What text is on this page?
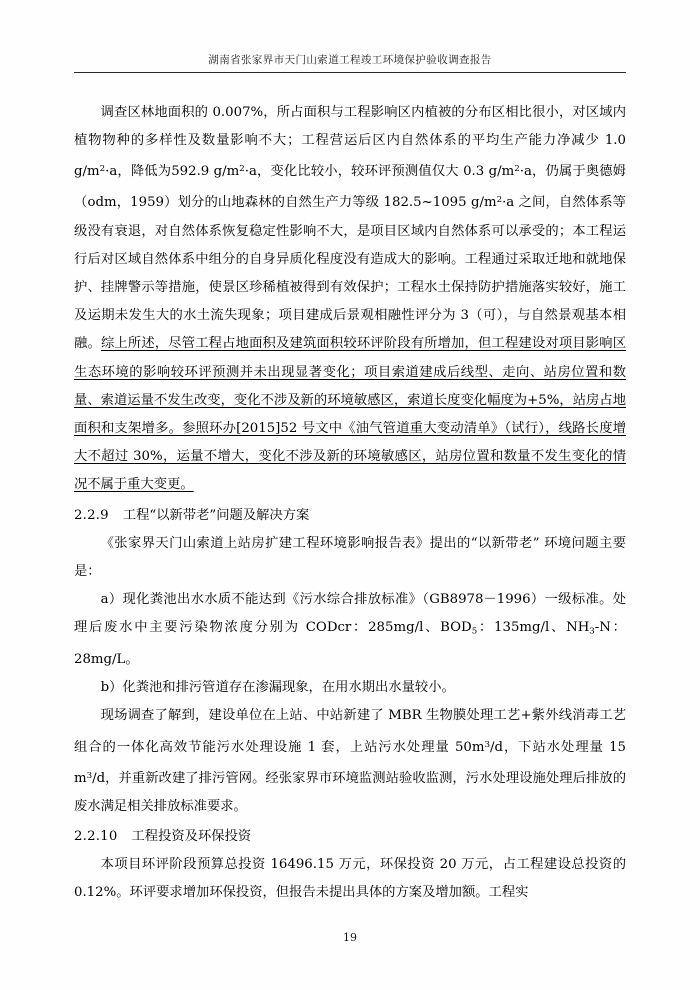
湖南省张家界市天门山索道工程竣工环境保护验收调查报告

调查区林地面积的 0.007%，所占面积与工程影响区内植被的分布区相比很小，对区域内植物物种的多样性及数量影响不大；工程营运后区内自然体系的平均生产能力净减少 1.0 $g/m^2\cdot a$，降低为592.9 $g/m^2\cdot a$，变化比较小，较环评预测值仅大 0.3 $g/m^2\cdot a$，仍属于奥德姆（odm，1959）划分的山地森林的自然生产力等级 182.5~1095 $g/m^2\cdot a$ 之间，自然体系等级没有衰退，对自然体系恢复稳定性影响不大，是项目区域内自然体系可以承受的；本工程运行后对区域自然体系中组分的自身异质化程度没有造成大的影响。工程通过采取迁地和就地保护、挂牌警示等措施，使景区珍稀植被得到有效保护；工程水土保持防护措施落实较好，施工及运期未发生大的水土流失现象；项目建成后景观相融性评分为 3（可），与自然景观基本相融。综上所述，尽管工程占地面积及建筑面积较环评阶段有所增加，但工程建设对项目影响区生态环境的影响较环评预测并未出现显著变化；项目索道建成后线型、走向、站房位置和数量、索道运量不发生改变，变化不涉及新的环境敏感区，索道长度变化幅度为+5%，站房占地面积和支架增多。参照环办[2015]52 号文中《油气管道重大变动清单》（试行），线路长度增大不超过 30%，运量不增大，变化不涉及新的环境敏感区，站房位置和数量不发生变化的情况不属于重大变更。

2.2.9 工程“以新带老”问题及解决方案

《张家界天门山索道上站房扩建工程环境影响报告表》提出的“以新带老” 环境问题主要是：

a）现化粪池出水水质不能达到《污水综合排放标准》（GB8978－1996）一级标准。处理后废水中主要污染物浓度分别为 CODcr：285mg/l、$BOD_5$：135mg/l、$NH_3-N$：28mg/L。

b）化粪池和排污管道存在渗漏现象，在用水期出水量较小。

现场调查了解到，建设单位在上站、中站新建了 MBR 生物膜处理工艺+紫外线消毒工艺组合的一体化高效节能污水处理设施 1 套，上站污水处理量 $50m^3/d$，下站水处理量 15 $m^3/d$，并重新改建了排污管网。经张家界市环境监测站验收监测，污水处理设施处理后排放的废水满足相关排放标准要求。

2.2.10 工程投资及环保投资

本项目环评阶段预算总投资 16496.15 万元，环保投资 20 万元，占工程建设总投资的 0.12%。环评要求增加环保投资，但报告未提出具体的方案及增加额。工程实

19
